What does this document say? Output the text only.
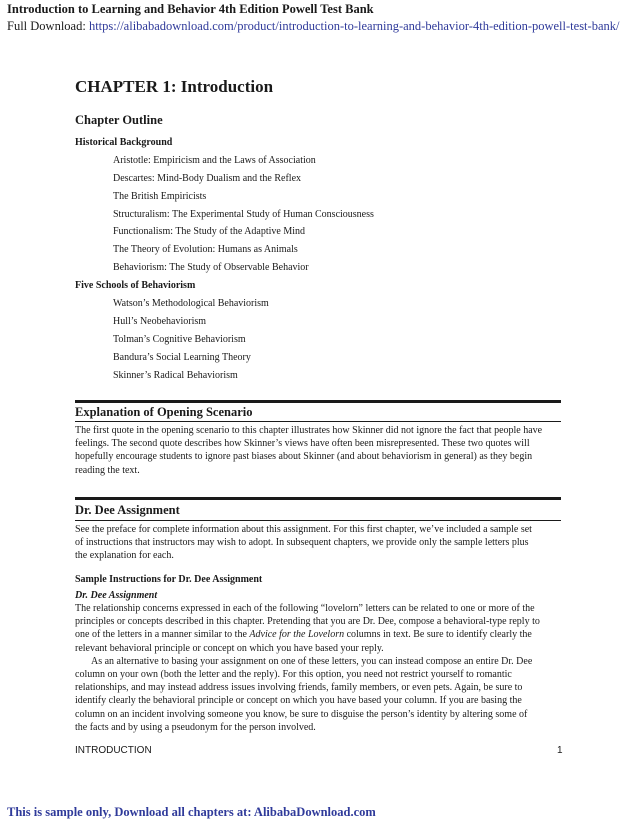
Introduction to Learning and Behavior 4th Edition Powell Test Bank
Full Download: https://alibabadownload.com/product/introduction-to-learning-and-behavior-4th-edition-powell-test-bank/
CHAPTER 1: Introduction
Chapter Outline
Historical Background
Aristotle: Empiricism and the Laws of Association
Descartes: Mind-Body Dualism and the Reflex
The British Empiricists
Structuralism: The Experimental Study of Human Consciousness
Functionalism: The Study of the Adaptive Mind
The Theory of Evolution: Humans as Animals
Behaviorism: The Study of Observable Behavior
Five Schools of Behaviorism
Watson’s Methodological Behaviorism
Hull’s Neobehaviorism
Tolman’s Cognitive Behaviorism
Bandura’s Social Learning Theory
Skinner’s Radical Behaviorism
Explanation of Opening Scenario
The first quote in the opening scenario to this chapter illustrates how Skinner did not ignore the fact that people have
feelings. The second quote describes how Skinner’s views have often been misrepresented. These two quotes will
hopefully encourage students to ignore past biases about Skinner (and about behaviorism in general) as they begin
reading the text.
Dr. Dee Assignment
See the preface for complete information about this assignment. For this first chapter, we’ve included a sample set
of instructions that instructors may wish to adopt. In subsequent chapters, we provide only the sample letters plus
the explanation for each.
Sample Instructions for Dr. Dee Assignment
Dr. Dee Assignment
The relationship concerns expressed in each of the following “lovelorn” letters can be related to one or more of the
principles or concepts described in this chapter. Pretending that you are Dr. Dee, compose a behavioral-type reply to
one of the letters in a manner similar to the Advice for the Lovelorn columns in text. Be sure to identify clearly the
relevant behavioral principle or concept on which you have based your reply.
As an alternative to basing your assignment on one of these letters, you can instead compose an entire Dr. Dee
column on your own (both the letter and the reply). For this option, you need not restrict yourself to romantic
relationships, and may instead address issues involving friends, family members, or even pets. Again, be sure to
identify clearly the behavioral principle or concept on which you have based your column. If you are basing the
column on an incident involving someone you know, be sure to disguise the person’s identity by altering some of
the facts and by using a pseudonym for the person involved.
INTRODUCTION	1
This is sample only, Download all chapters at: AlibabaDownload.com
